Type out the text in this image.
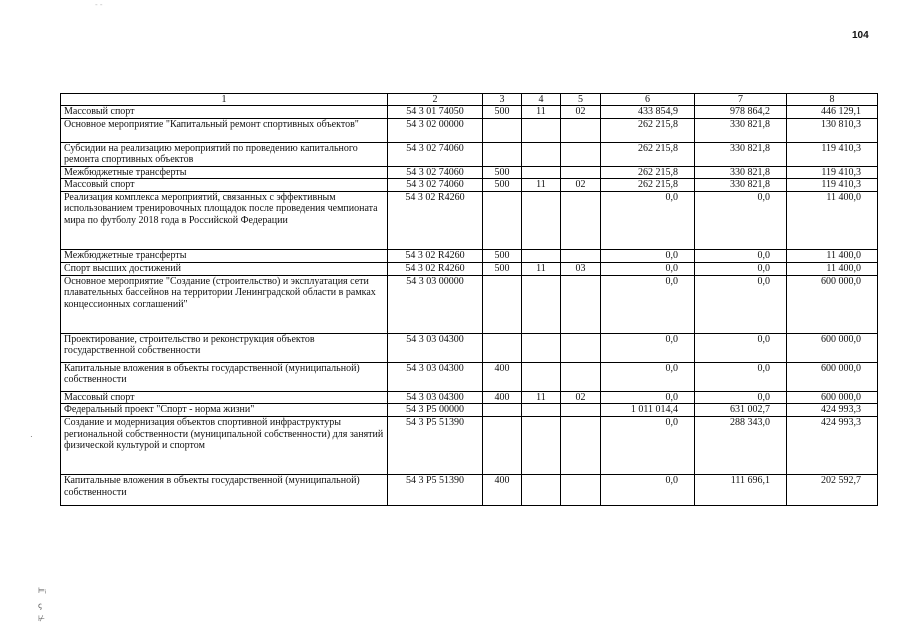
104
1	2	3	4	5	6	7	8
Массовый спорт	54 3 01 74050	500	11	02	433 854,9	978 864,2	446 129,1
Основное мероприятие "Капитальный ремонт спортивных объектов"	54 3 02 00000				262 215,8	330 821,8	130 810,3
Субсидии на реализацию мероприятий по проведению капитального ремонта спортивных объектов	54 3 02 74060				262 215,8	330 821,8	119 410,3
Межбюджетные трансферты	54 3 02 74060	500			262 215,8	330 821,8	119 410,3
Массовый спорт	54 3 02 74060	500	11	02	262 215,8	330 821,8	119 410,3
Реализация комплекса мероприятий, связанных с эффективным использованием тренировочных площадок после проведения чемпионата мира по футболу 2018 года в Российской Федерации	54 3 02 R4260				0,0	0,0	11 400,0
Межбюджетные трансферты	54 3 02 R4260	500			0,0	0,0	11 400,0
Спорт высших достижений	54 3 02 R4260	500	11	03	0,0	0,0	11 400,0
Основное мероприятие "Создание (строительство) и эксплуатация сети плавательных бассейнов на территории Ленинградской области в рамках концессионных соглашений"	54 3 03 00000				0,0	0,0	600 000,0
Проектирование, строительство и реконструкция объектов государственной собственности	54 3 03 04300				0,0	0,0	600 000,0
Капитальные вложения в объекты государственной (муниципальной) собственности	54 3 03 04300	400			0,0	0,0	600 000,0
Массовый спорт	54 3 03 04300	400	11	02	0,0	0,0	600 000,0
Федеральный проект "Спорт - норма жизни"	54 3 P5 00000				1 011 014,4	631 002,7	424 993,3
Создание и модернизация объектов спортивной инфраструктуры региональной собственности (муниципальной собственности) для занятий физической культурой и спортом	54 3 P5 51390				0,0	288 343,0	424 993,3
Капитальные вложения в объекты государственной (муниципальной) собственности	54 3 P5 51390	400			0,0	111 696,1	202 592,7
⊨ᵢ
ꞔ
⊬
·
- -
